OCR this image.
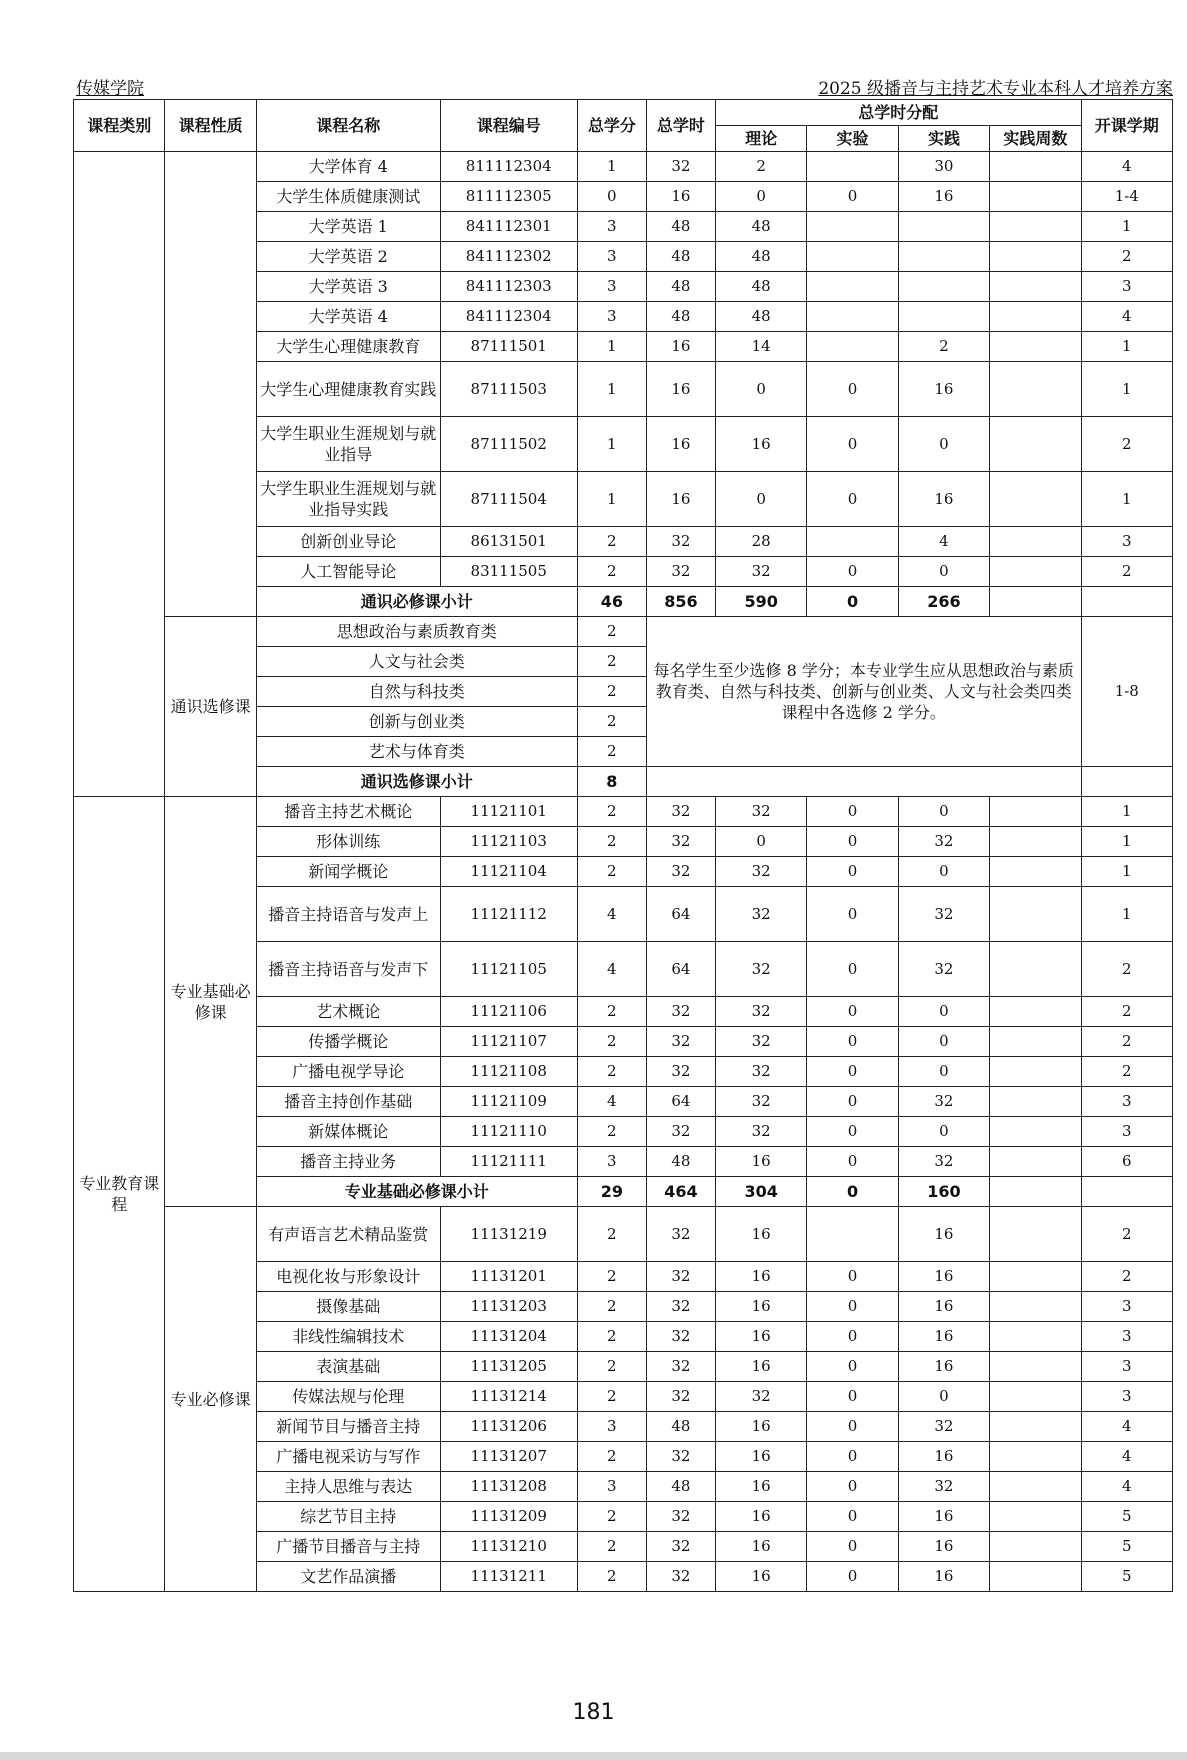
传媒学院	2025 级播音与主持艺术专业本科人才培养方案
课程类别	课程性质	课程名称	课程编号	总学分	总学时	总学时分配				开课学期
						理论	实验	实践	实践周数	
		大学体育 4	811112304	1	32	2		30		4
		大学生体质健康测试	811112305	0	16	0	0	16		1-4
		大学英语 1	841112301	3	48	48				1
		大学英语 2	841112302	3	48	48				2
		大学英语 3	841112303	3	48	48				3
		大学英语 4	841112304	3	48	48				4
		大学生心理健康教育	87111501	1	16	14		2		1
		大学生心理健康教育实践	87111503	1	16	0	0	16		1
		大学生职业生涯规划与就业指导	87111502	1	16	16	0	0		2
		大学生职业生涯规划与就业指导实践	87111504	1	16	0	0	16		1
		创新创业导论	86131501	2	32	28		4		3
		人工智能导论	83111505	2	32	32	0	0		2
		通识必修课小计		46	856	590	0	266		
	通识选修课	思想政治与素质教育类		2	每名学生至少选修 8 学分；本专业学生应从思想政治与素质教育类、自然与科技类、创新与创业类、人文与社会类四类课程中各选修 2 学分。					1-8
		人文与社会类		2						
		自然与科技类		2						
		创新与创业类		2						
		艺术与体育类		2						
		通识选修课小计		8						
专业教育课程	专业基础必修课	播音主持艺术概论	11121101	2	32	32	0	0		1
		形体训练	11121103	2	32	0	0	32		1
		新闻学概论	11121104	2	32	32	0	0		1
		播音主持语音与发声上	11121112	4	64	32	0	32		1
		播音主持语音与发声下	11121105	4	64	32	0	32		2
		艺术概论	11121106	2	32	32	0	0		2
		传播学概论	11121107	2	32	32	0	0		2
		广播电视学导论	11121108	2	32	32	0	0		2
		播音主持创作基础	11121109	4	64	32	0	32		3
		新媒体概论	11121110	2	32	32	0	0		3
		播音主持业务	11121111	3	48	16	0	32		6
		专业基础必修课小计		29	464	304	0	160		
	专业必修课	有声语言艺术精品鉴赏	11131219	2	32	16		16		2
		电视化妆与形象设计	11131201	2	32	16	0	16		2
		摄像基础	11131203	2	32	16	0	16		3
		非线性编辑技术	11131204	2	32	16	0	16		3
		表演基础	11131205	2	32	16	0	16		3
		传媒法规与伦理	11131214	2	32	32	0	0		3
		新闻节目与播音主持	11131206	3	48	16	0	32		4
		广播电视采访与写作	11131207	2	32	16	0	16		4
		主持人思维与表达	11131208	3	48	16	0	32		4
		综艺节目主持	11131209	2	32	16	0	16		5
		广播节目播音与主持	11131210	2	32	16	0	16		5
		文艺作品演播	11131211	2	32	16	0	16		5
181
